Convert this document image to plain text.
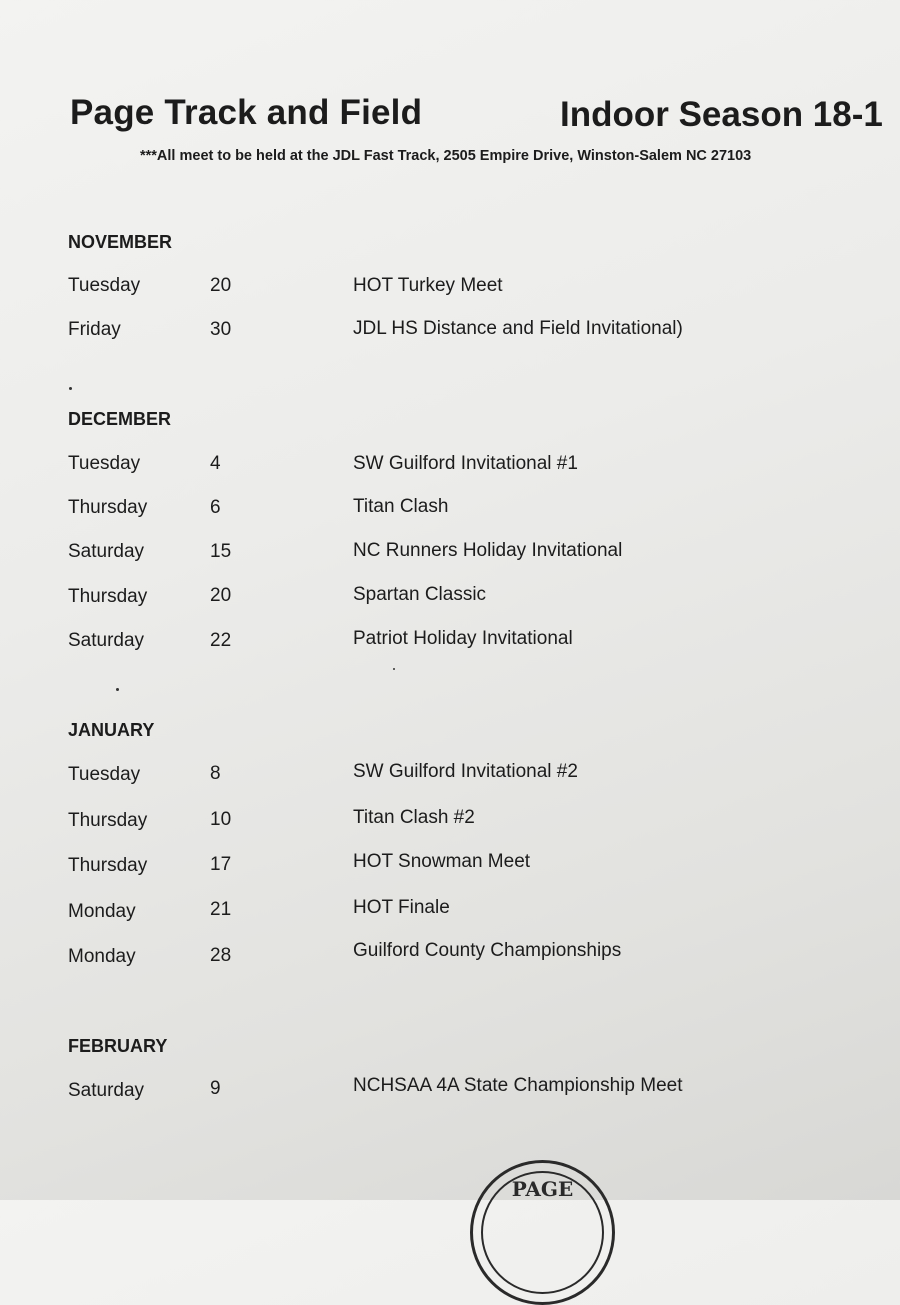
Page Track and Field	Indoor Season 18-1
***All meet to be held at the JDL Fast Track, 2505 Empire Drive, Winston-Salem NC 27103
NOVEMBER
Tuesday	20	HOT Turkey Meet
Friday	30	JDL HS Distance and Field Invitational)
DECEMBER
Tuesday	4	SW Guilford Invitational #1
Thursday	6	Titan Clash
Saturday	15	NC Runners Holiday Invitational
Thursday	20	Spartan Classic
Saturday	22	Patriot Holiday Invitational
JANUARY
Tuesday	8	SW Guilford Invitational #2
Thursday	10	Titan Clash #2
Thursday	17	HOT Snowman Meet
Monday	21	HOT Finale
Monday	28	Guilford County Championships
FEBRUARY
Saturday	9	NCHSAA 4A State Championship Meet
PAGE
